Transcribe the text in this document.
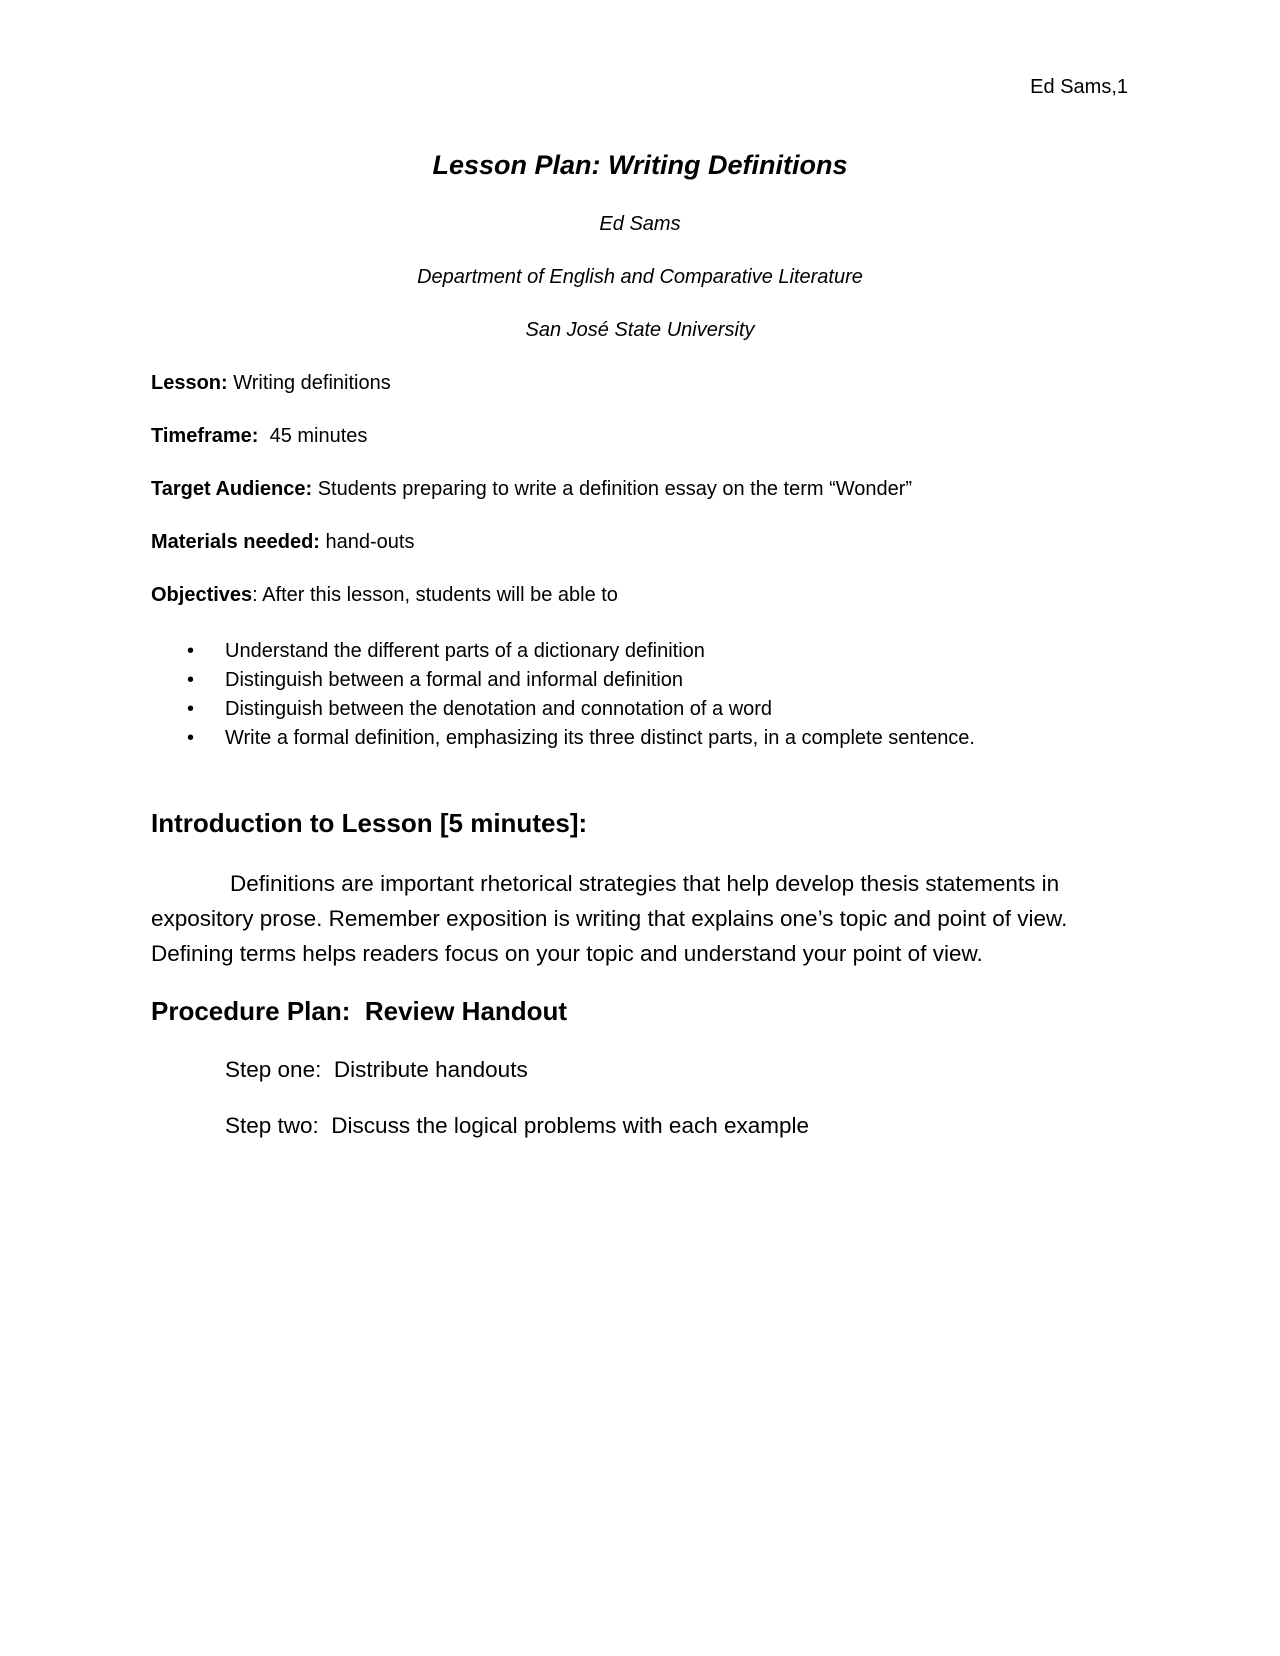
Ed Sams,1
Lesson Plan: Writing Definitions
Ed Sams
Department of English and Comparative Literature
San José State University
Lesson: Writing definitions
Timeframe:  45 minutes
Target Audience: Students preparing to write a definition essay on the term “Wonder”
Materials needed: hand-outs
Objectives: After this lesson, students will be able to
• Understand the different parts of a dictionary definition
• Distinguish between a formal and informal definition
• Distinguish between the denotation and connotation of a word
• Write a formal definition, emphasizing its three distinct parts, in a complete sentence.
Introduction to Lesson [5 minutes]:

Definitions are important rhetorical strategies that help develop thesis statements in expository prose. Remember exposition is writing that explains one’s topic and point of view. Defining terms helps readers focus on your topic and understand your point of view.

Procedure Plan:  Review Handout
Step one:  Distribute handouts
Step two:  Discuss the logical problems with each example
